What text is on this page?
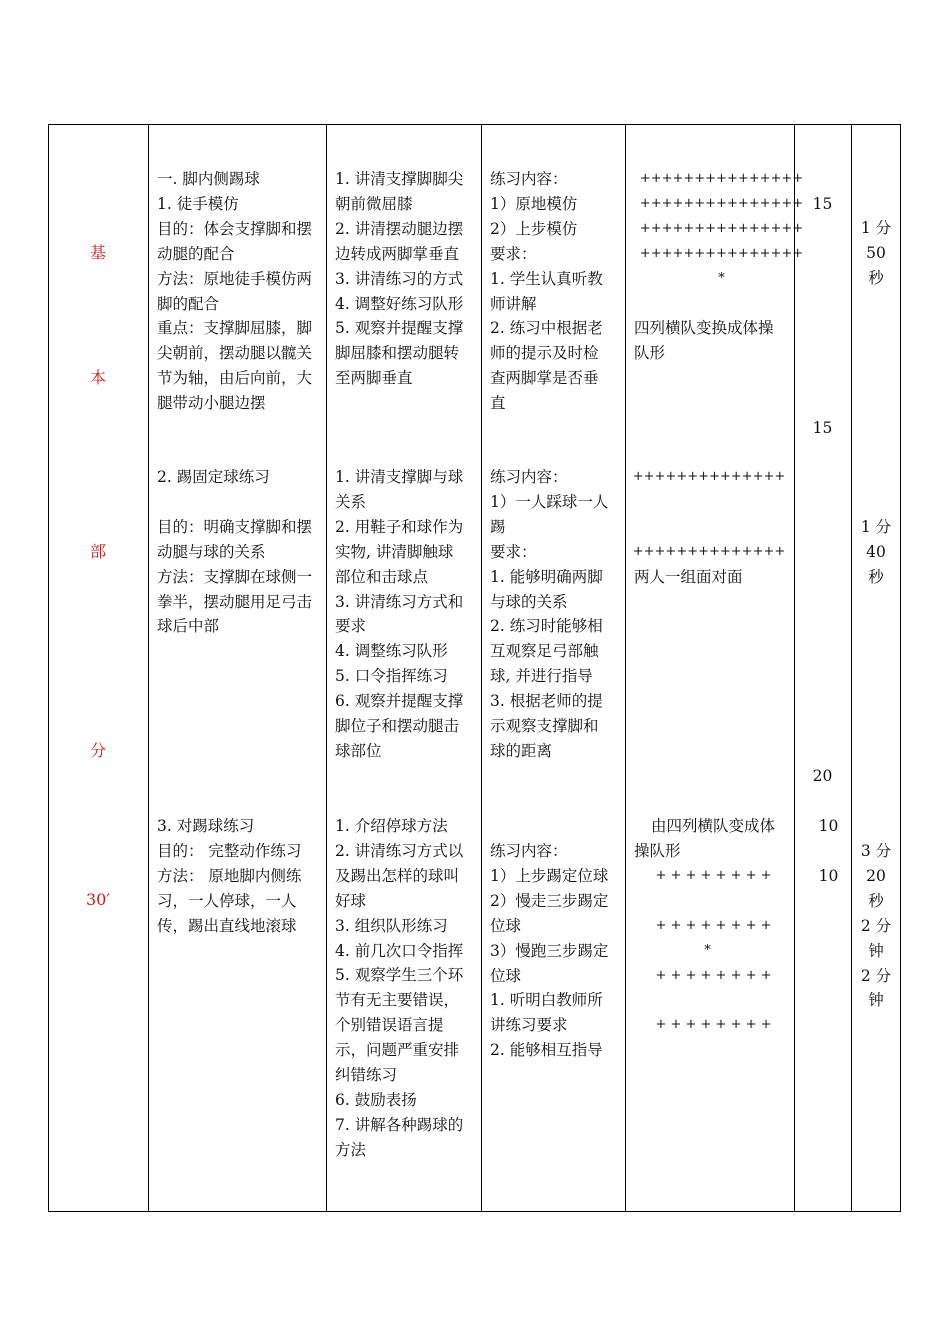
基
本
部
分
30′
一. 脚内侧踢球
1. 徒手模仿
目的：体会支撑脚和摆
动腿的配合
方法：原地徒手模仿两
脚的配合
重点：支撑脚屈膝，脚
尖朝前，摆动腿以髋关
节为轴，由后向前，大
腿带动小腿边摆
2. 踢固定球练习
目的：明确支撑脚和摆
动腿与球的关系
方法：支撑脚在球侧一
拳半，摆动腿用足弓击
球后中部
3. 对踢球练习
目的： 完整动作练习
方法： 原地脚内侧练
习，一人停球，一人
传，踢出直线地滚球
1. 讲清支撑脚脚尖
朝前微屈膝
2. 讲清摆动腿边摆
边转成两脚掌垂直
3. 讲清练习的方式
4. 调整好练习队形
5. 观察并提醒支撑
脚屈膝和摆动腿转
至两脚垂直
1. 讲清支撑脚与球
关系
2. 用鞋子和球作为
实物, 讲清脚触球
部位和击球点
3. 讲清练习方式和
要求
4. 调整练习队形
5. 口令指挥练习
6. 观察并提醒支撑
脚位子和摆动腿击
球部位
1. 介绍停球方法
2. 讲清练习方式以
及踢出怎样的球叫
好球
3. 组织队形练习
4. 前几次口令指挥
5. 观察学生三个环
节有无主要错误，
个别错误语言提
示，问题严重安排
纠错练习
6. 鼓励表扬
7. 讲解各种踢球的
方法
练习内容：
1）原地模仿
2）上步模仿
要求：
1. 学生认真听教
师讲解
2. 练习中根据老
师的提示及时检
查两脚掌是否垂
直
练习内容：
1）一人踩球一人
踢
要求：
1. 能够明确两脚
与球的关系
2. 练习时能够相
互观察足弓部触
球, 并进行指导
3. 根据老师的提
示观察支撑脚和
球的距离
练习内容：
1）上步踢定位球
2）慢走三步踢定
位球
3）慢跑三步踢定
位球
1. 听明白教师所
讲练习要求
2. 能够相互指导
+++++++++++++++
+++++++++++++++
+++++++++++++++
+++++++++++++++
*
四列横队变换成体操
队形
++++++++++++++
++++++++++++++
两人一组面对面
由四列横队变成体
操队形
+ + + + + + + +
+ + + + + + + +
*
+ + + + + + + +
+ + + + + + + +
15
15
20
10
10
1 分
50
秒
1 分
40
秒
3 分
20
秒
2 分
钟
2 分
钟
